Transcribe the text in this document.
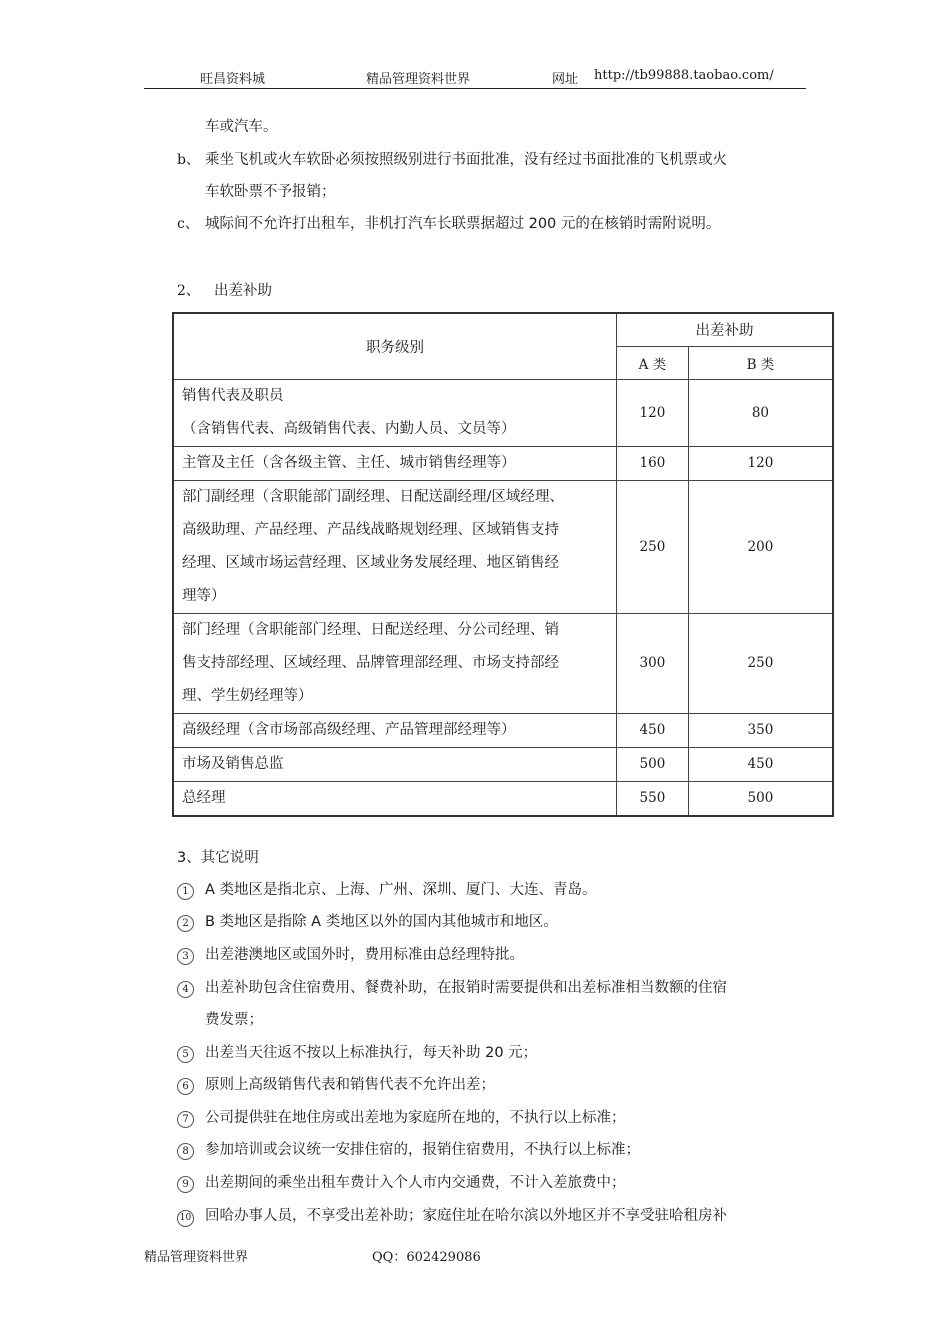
旺昌资料城	精品管理资料世界	网址 http://tb99888.taobao.com/
车或汽车。
b、 乘坐飞机或火车软卧必须按照级别进行书面批准，没有经过书面批准的飞机票或火
车软卧票不予报销；
c、 城际间不允许打出租车，非机打汽车长联票据超过 200 元的在核销时需附说明。
2、 出差补助
职务级别	出差补助	
	A 类	B 类

销售代表及职员
（含销售代表、高级销售代表、内勤人员、文员等）	120	80

主管及主任（含各级主管、主任、城市销售经理等）	160	120

部门副经理（含职能部门副经理、日配送副经理/区域经理、
高级助理、产品经理、产品线战略规划经理、区域销售支持
经理、区域市场运营经理、区域业务发展经理、地区销售经
理等）	250	200

部门经理（含职能部门经理、日配送经理、分公司经理、销
售支持部经理、区域经理、品牌管理部经理、市场支持部经
理、学生奶经理等）	300	250

高级经理（含市场部高级经理、产品管理部经理等）	450	350

市场及销售总监	500	450

总经理	550	500
3、其它说明
1	A 类地区是指北京、上海、广州、深圳、厦门、大连、青岛。
2	B 类地区是指除 A 类地区以外的国内其他城市和地区。
3	出差港澳地区或国外时，费用标准由总经理特批。
4	出差补助包含住宿费用、餐费补助，在报销时需要提供和出差标准相当数额的住宿
费发票；
5	出差当天往返不按以上标准执行，每天补助 20 元；
6	原则上高级销售代表和销售代表不允许出差；
7	公司提供驻在地住房或出差地为家庭所在地的，不执行以上标准；
8	参加培训或会议统一安排住宿的，报销住宿费用，不执行以上标准；
9	出差期间的乘坐出租车费计入个人市内交通费，不计入差旅费中；
10 回哈办事人员，不享受出差补助；家庭住址在哈尔滨以外地区并不享受驻哈租房补
精品管理资料世界	QQ：602429086
